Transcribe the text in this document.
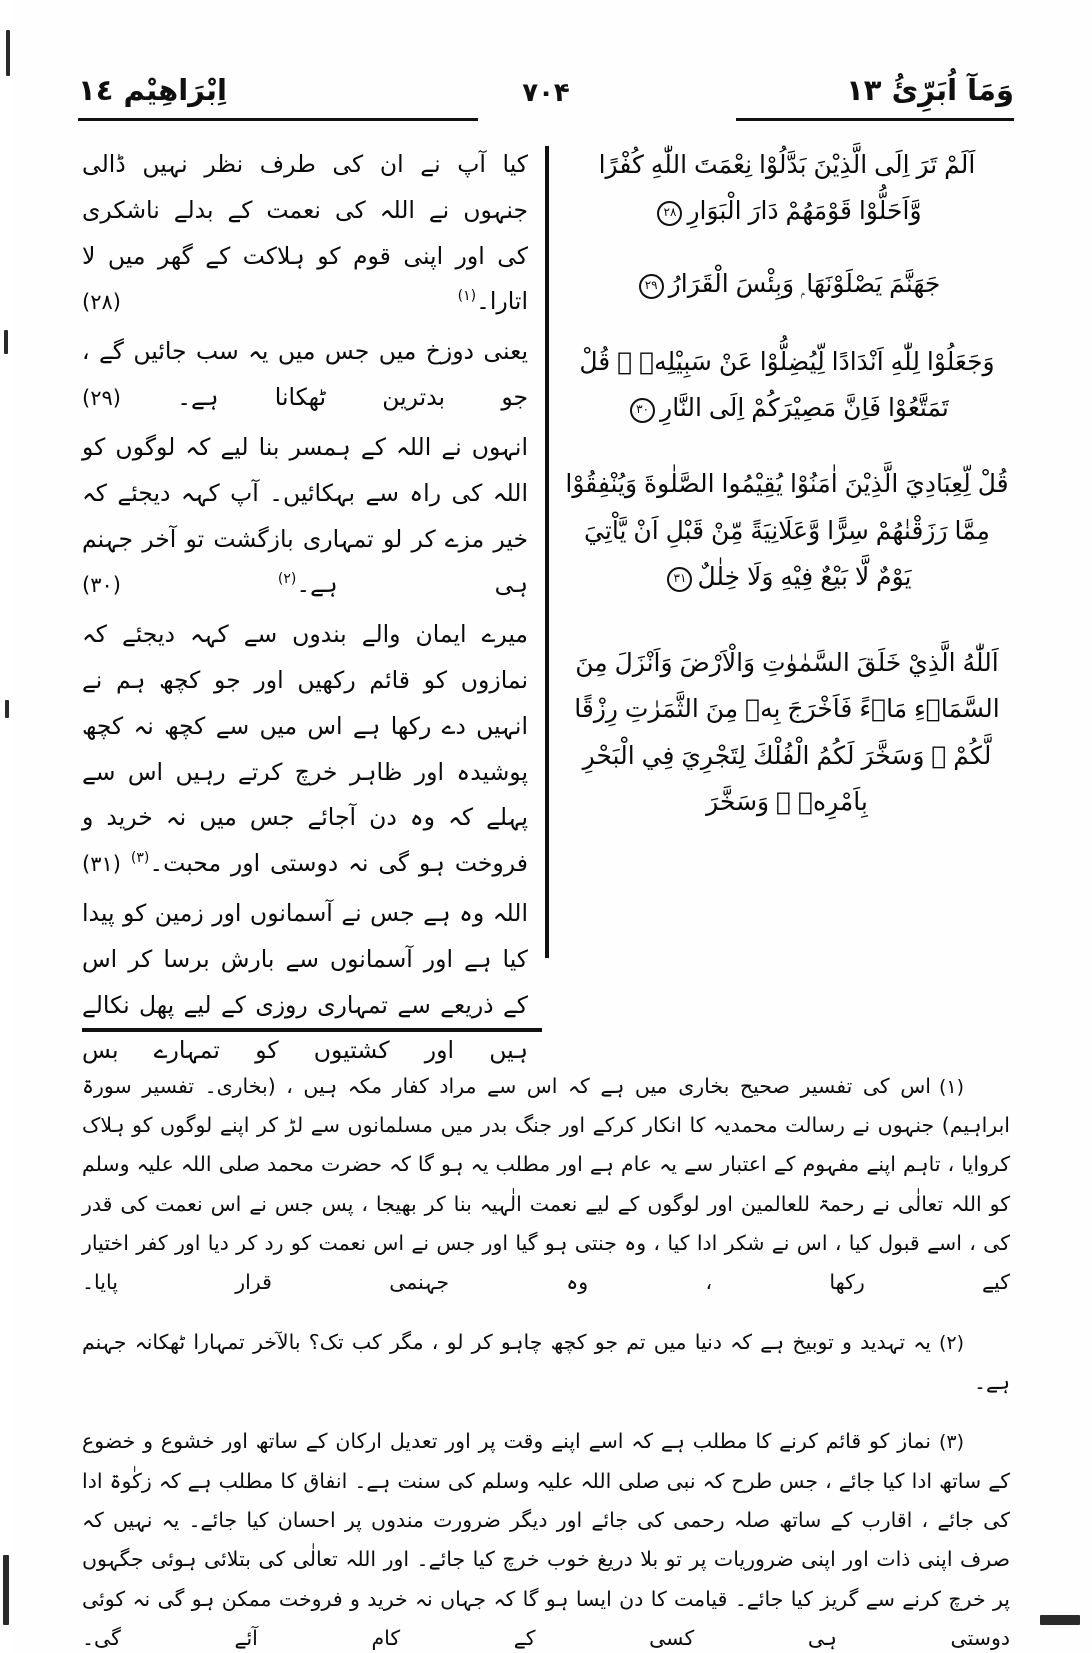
وَمَآ اُبَرِّئُ ١٣
۷۰۴
اِبْرَاهِيْم ١٤
اَلَمْ تَرَ اِلَى الَّذِيْنَ بَدَّلُوْا نِعْمَتَ اللّٰهِ كُفْرًا وَّاَحَلُّوْا قَوْمَهُمْ دَارَ الْبَوَارِ۲۸
جَهَنَّمَ يَصْلَوْنَهَا ۭ وَبِئْسَ الْقَرَارُ۲۹
وَجَعَلُوْا لِلّٰهِ اَنْدَادًا لِّيُضِلُّوْا عَنْ سَبِيْلِهٖ ۭ قُلْ تَمَتَّعُوْا فَاِنَّ مَصِيْرَكُمْ اِلَى النَّارِ۳۰
قُلْ لِّعِبَادِيَ الَّذِيْنَ اٰمَنُوْا يُقِيْمُوا الصَّلٰوةَ وَيُنْفِقُوْا مِمَّا رَزَقْنٰهُمْ سِرًّا وَّعَلَانِيَةً مِّنْ قَبْلِ اَنْ يَّاْتِيَ يَوْمٌ لَّا بَيْعٌ فِيْهِ وَلَا خِلٰلٌ۳۱
اَللّٰهُ الَّذِيْ خَلَقَ السَّمٰوٰتِ وَالْاَرْضَ وَاَنْزَلَ مِنَ السَّمَاۗءِ مَاۗءً فَاَخْرَجَ بِهٖ مِنَ الثَّمَرٰتِ رِزْقًا لَّكُمْ ۚ وَسَخَّرَ لَكُمُ الْفُلْكَ لِتَجْرِيَ فِي الْبَحْرِ بِاَمْرِهٖ ۚ وَسَخَّرَ

کیا آپ نے ان کی طرف نظر نہیں ڈالی جنہوں نے اللہ کی نعمت کے بدلے ناشکری کی اور اپنی قوم کو ہلاکت کے گھر میں لا اتارا۔$^{(۱)}$ (۲۸)

یعنی دوزخ میں جس میں یہ سب جائیں گے ، جو بدترین ٹھکانا ہے۔ (۲۹)

انہوں نے اللہ کے ہمسر بنا لیے کہ لوگوں کو اللہ کی راہ سے بہکائیں۔ آپ کہہ دیجئے کہ خیر مزے کر لو تمہاری بازگشت تو آخر جہنم ہی ہے۔$^{(۲)}$ (۳۰)

میرے ایمان والے بندوں سے کہہ دیجئے کہ نمازوں کو قائم رکھیں اور جو کچھ ہم نے انہیں دے رکھا ہے اس میں سے کچھ نہ کچھ پوشیدہ اور ظاہر خرچ کرتے رہیں اس سے پہلے کہ وہ دن آجائے جس میں نہ خرید و فروخت ہو گی نہ دوستی اور محبت۔$^{(۳)}$ (۳۱)

اللہ وہ ہے جس نے آسمانوں اور زمین کو پیدا کیا ہے اور آسمانوں سے بارش برسا کر اس کے ذریعے سے تمہاری روزی کے لیے پھل نکالے ہیں اور کشتیوں کو تمہارے بس

(۱)اس کی تفسیر صحیح بخاری میں ہے کہ اس سے مراد کفار مکہ ہیں ، (بخاری۔ تفسیر سورۃ ابراہیم) جنہوں نے رسالت محمدیہ کا انکار کرکے اور جنگ بدر میں مسلمانوں سے لڑ کر اپنے لوگوں کو ہلاک کروایا ، تاہم اپنے مفہوم کے اعتبار سے یہ عام ہے اور مطلب یہ ہو گا کہ حضرت محمد صلی اللہ علیہ وسلم کو اللہ تعالٰی نے رحمۃ للعالمین اور لوگوں کے لیے نعمت الٰہیہ بنا کر بھیجا ، پس جس نے اس نعمت کی قدر کی ، اسے قبول کیا ، اس نے شکر ادا کیا ، وہ جنتی ہو گیا اور جس نے اس نعمت کو رد کر دیا اور کفر اختیار کیے رکھا ، وہ جہنمی قرار پایا۔

(۲)یہ تہدید و توبیخ ہے کہ دنیا میں تم جو کچھ چاہو کر لو ، مگر کب تک؟ بالآخر تمہارا ٹھکانہ جہنم ہے۔

(۳)نماز کو قائم کرنے کا مطلب ہے کہ اسے اپنے وقت پر اور تعدیل ارکان کے ساتھ اور خشوع و خضوع کے ساتھ ادا کیا جائے ، جس طرح کہ نبی صلی اللہ علیہ وسلم کی سنت ہے۔ انفاق کا مطلب ہے کہ زکٰوۃ ادا کی جائے ، اقارب کے ساتھ صلہ رحمی کی جائے اور دیگر ضرورت مندوں پر احسان کیا جائے۔ یہ نہیں کہ صرف اپنی ذات اور اپنی ضروریات پر تو بلا دریغ خوب خرچ کیا جائے۔ اور اللہ تعالٰی کی بتلائی ہوئی جگہوں پر خرچ کرنے سے گریز کیا جائے۔ قیامت کا دن ایسا ہو گا کہ جہاں نہ خرید و فروخت ممکن ہو گی نہ کوئی دوستی ہی کسی کے کام آئے گی۔
